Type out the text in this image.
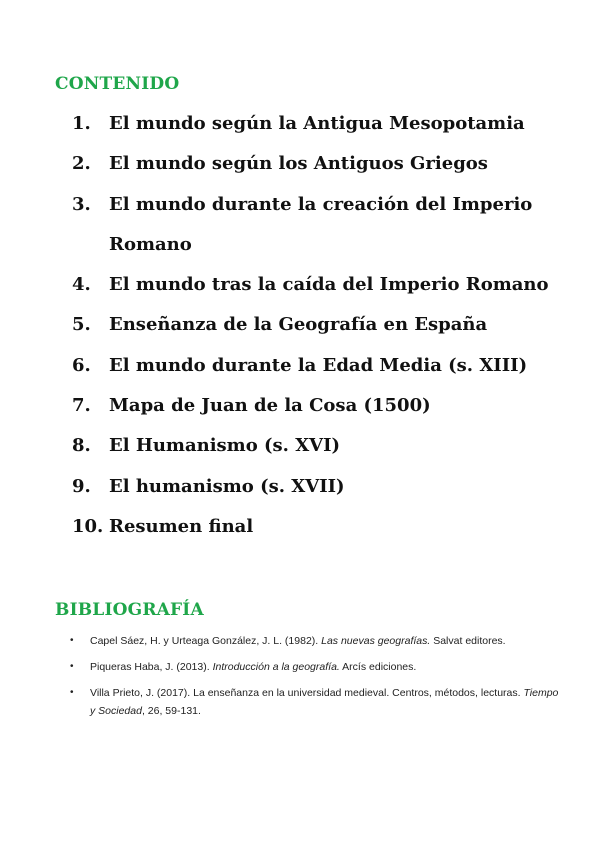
CONTENIDO
1.	El mundo según la Antigua Mesopotamia
2.	El mundo según los Antiguos Griegos
3.	El mundo durante la creación del Imperio Romano
4.	El mundo tras la caída del Imperio Romano
5.	Enseñanza de la Geografía en España
6.	El mundo durante la Edad Media (s. XIII)
7.	Mapa de Juan de la Cosa (1500)
8.	El Humanismo (s. XVI)
9.	El humanismo (s. XVII)
10. Resumen final
BIBLIOGRAFÍA
•	Capel Sáez, H. y Urteaga González, J. L. (1982). Las nuevas geografías. Salvat editores.
•	Piqueras Haba, J. (2013). Introducción a la geografía. Arcís ediciones.
•	Villa Prieto, J. (2017). La enseñanza en la universidad medieval. Centros, métodos, lecturas. Tiempo y Sociedad, 26, 59-131.
